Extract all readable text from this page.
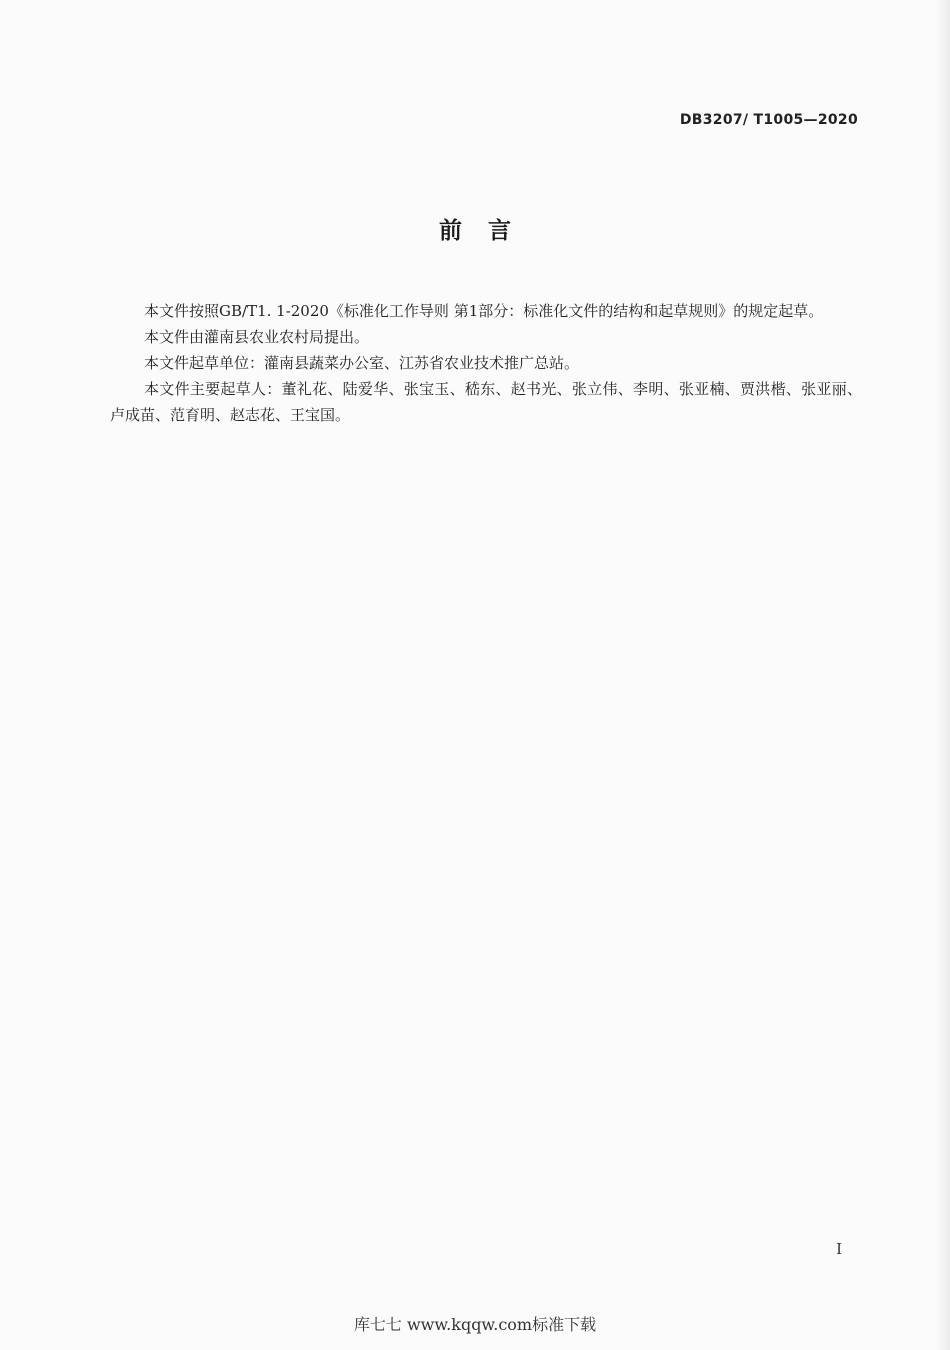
DB3207/ T1005—2020
前言

本文件按照GB/T1. 1-2020《标准化工作导则 第1部分：标准化文件的结构和起草规则》的规定起草。

本文件由灌南县农业农村局提出。

本文件起草单位：灌南县蔬菜办公室、江苏省农业技术推广总站。

本文件主要起草人：董礼花、陆爱华、张宝玉、嵇东、赵书光、张立伟、李明、张亚楠、贾洪楷、张亚丽、卢成苗、范育明、赵志花、王宝国。

I
库七七 www.kqqw.com标准下载
